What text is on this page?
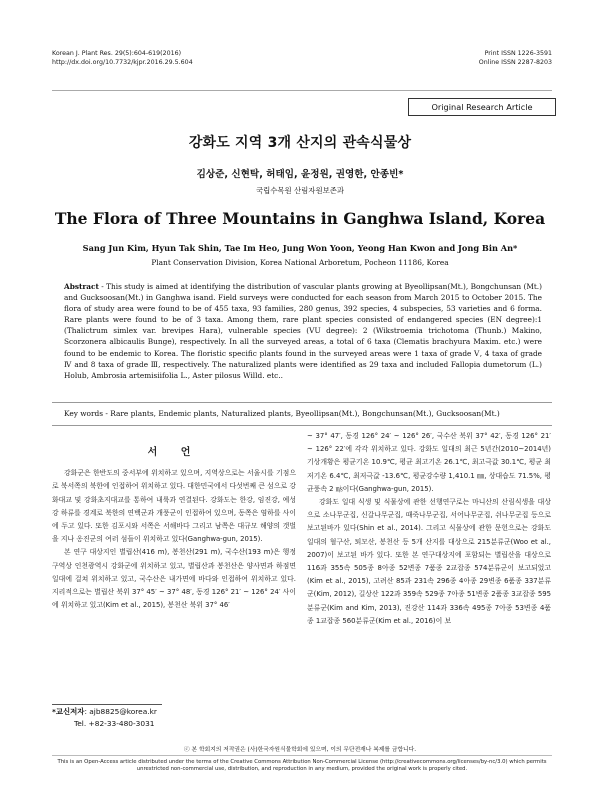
Korean J. Plant Res. 29(5):604-619(2016)
http://dx.doi.org/10.7732/kjpr.2016.29.5.604
Print ISSN 1226-3591
Online ISSN 2287-8203
Original Research Article
강화도 지역 3개 산지의 관속식물상
김상준, 신현탁, 허태임, 윤정원, 권영한, 안종빈*
국립수목원 산림자원보존과
The Flora of Three Mountains in Ganghwa Island, Korea
Sang Jun Kim, Hyun Tak Shin, Tae Im Heo, Jung Won Yoon, Yeong Han Kwon and Jong Bin An*
Plant Conservation Division, Korea National Arboretum, Pocheon 11186, Korea

Abstract - This study is aimed at identifying the distribution of vascular plants growing at Byeollipsan(Mt.), Bongchunsan (Mt.) and Gucksoosan(Mt.) in Ganghwa isand. Field surveys were conducted for each season from March 2015 to October 2015. The flora of study area were found to be of 455 taxa, 93 families, 280 genus, 392 species, 4 subspecies, 53 varieties and 6 forma. Rare plants were found to be of 3 taxa. Among them, rare plant species consisted of endangered species (EN degree):1 (Thalictrum simlex var. brevipes Hara), vulnerable species (VU degree): 2 (Wikstroemia trichotoma (Thunb.) Makino, Scorzonera albicaulis Bunge), respectively. In all the surveyed areas, a total of 6 taxa (Clematis brachyura Maxim. etc.) were found to be endemic to Korea. The floristic specific plants found in the surveyed areas were 1 taxa of grade Ⅴ, 4 taxa of grade Ⅳ and 8 taxa of grade Ⅲ, respectively. The naturalized plants were identified as 29 taxa and included Fallopia dumetorum (L.) Holub, Ambrosia artemisiifolia L., Aster pilosus Willd. etc..

Key words - Rare plants, Endemic plants, Naturalized plants, Byeollipsan(Mt.), Bongchunsan(Mt.), Gucksoosan(Mt.)

서 언

강화군은 한반도의 중서부에 위치하고 있으며, 지역상으로는 서울시를 기점으로 북서쪽의 북한에 인접하여 위치하고 있다. 대한민국에서 다섯번째 큰 섬으로 강화대교 및 강화초지대교를 통하여 내륙과 연결된다. 강화도는 한강, 임진강, 예성강 하류를 경계로 북한의 연백군과 개풍군이 인접하여 있으며, 동쪽은 염하를 사이에 두고 있다. 또한 김포시와 서쪽은 서해바다 그리고 남쪽은 대규모 해양의 갯벌을 지나 옹진군의 여러 섬들이 위치하고 있다(Ganghwa-gun, 2015).

본 연구 대상지인 별립산(416 m), 봉천산(291 m), 국수산(193 m)은 행정구역상 인천광역시 강화군에 위치하고 있고, 별립산과 봉천산은 양사면과 하점면 일대에 걸쳐 위치하고 있고, 국수산은 내가면에 바다와 인접하여 위치하고 있다. 지리적으로는 별립산 북위 37° 45′ ~ 37° 48′, 동경 126° 21′ ~ 126° 24′ 사이에 위치하고 있고(Kim et al., 2015), 봉천산 북위 37° 46′

~ 37° 47′, 동경 126° 24′ ~ 126° 26′, 국수산 북위 37° 42′, 동경 126° 21′ ~ 126° 22′에 각각 위치하고 있다. 강화도 일대의 최근 5년간(2010~2014년) 기상개황은 평균기온 10.9℃, 평균 최고기온 26.1℃, 최고극값 30.1℃, 평균 최저기온 6.4℃, 최저극값 -13.6℃, 평균강수량 1,410.1 ㎜, 상대습도 71.5%, 평균풍속 2 ㎧이다(Ganghwa-gun, 2015).

강화도 일대 식생 및 식물상에 관한 선행연구로는 마니산의 산림식생을 대상으로 소나무군집, 신갈나무군집, 때죽나무군집, 서어나무군집, 쉬나무군집 등으로 보고된바가 있다(Shin et al., 2014). 그리고 식물상에 관한 문헌으로는 강화도 일대의 혈구산, 퇴모산, 봉천산 등 5개 산지를 대상으로 215분류군(Woo et al., 2007)이 보고된 바가 있다. 또한 본 연구대상지에 포함되는 별립산을 대상으로 116과 355속 505종 8아종 52변종 7품종 2교잡종 574분류군이 보고되었고(Kim et al., 2015), 고려산 85과 231속 296종 4아종 29변종 6품종 337분류군(Kim, 2012), 길상산 122과 359속 529종 7아종 51변종 2품종 3교잡종 595분류군(Kim and Kim, 2013), 진강산 114과 336속 495종 7아종 53변종 4품종 1교잡종 560분류군(Kim et al., 2016)이 보

*교신저자: ajb8825@korea.kr
Tel. +82-33-480-3031
ⓒ 본 학회지의 저작권은 (사)한국자원식물학회에 있으며, 이의 무단전재나 복제를 금합니다.
This is an Open-Access article distributed under the terms of the Creative Commons Attribution Non-Commercial License (http://creativecommons.org/licenses/by-nc/3.0) which permits unrestricted non-commercial use, distribution, and reproduction in any medium, provided the original work is properly cited.
